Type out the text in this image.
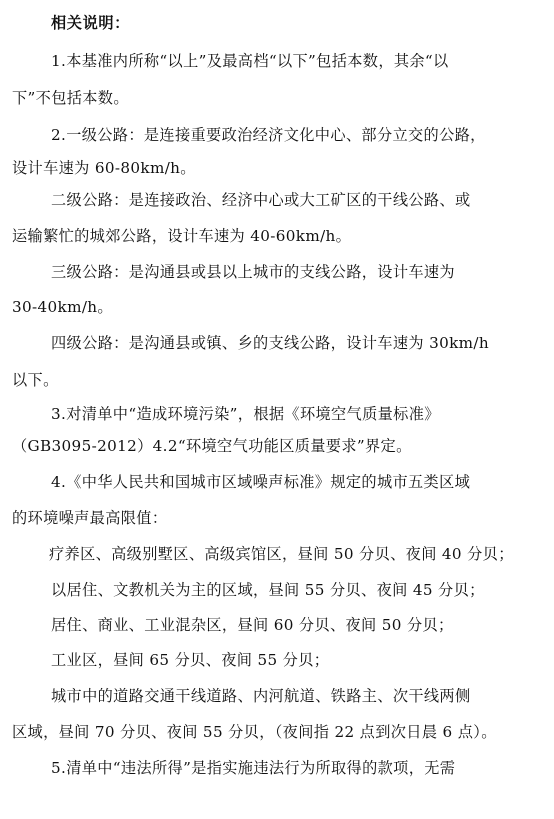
相关说明：
1.本基准内所称“以上”及最高档“以下”包括本数，其余“以
下”不包括本数。
2.一级公路：是连接重要政治经济文化中心、部分立交的公路，
设计车速为 60-80km/h。
二级公路：是连接政治、经济中心或大工矿区的干线公路、或
运输繁忙的城郊公路，设计车速为 40-60km/h。
三级公路：是沟通县或县以上城市的支线公路，设计车速为
30-40km/h。
四级公路：是沟通县或镇、乡的支线公路，设计车速为 30km/h
以下。
3.对清单中“造成环境污染”，根据《环境空气质量标准》
（GB3095-2012）4.2“环境空气功能区质量要求”界定。
4.《中华人民共和国城市区域噪声标准》规定的城市五类区域
的环境噪声最高限值：
疗养区、高级别墅区、高级宾馆区，昼间 50 分贝、夜间 40 分贝；
以居住、文教机关为主的区域，昼间 55 分贝、夜间 45 分贝；
居住、商业、工业混杂区，昼间 60 分贝、夜间 50 分贝；
工业区，昼间 65 分贝、夜间 55 分贝；
城市中的道路交通干线道路、内河航道、铁路主、次干线两侧
区域，昼间 70 分贝、夜间 55 分贝，（夜间指 22 点到次日晨 6 点）。
5.清单中“违法所得”是指实施违法行为所取得的款项，无需
